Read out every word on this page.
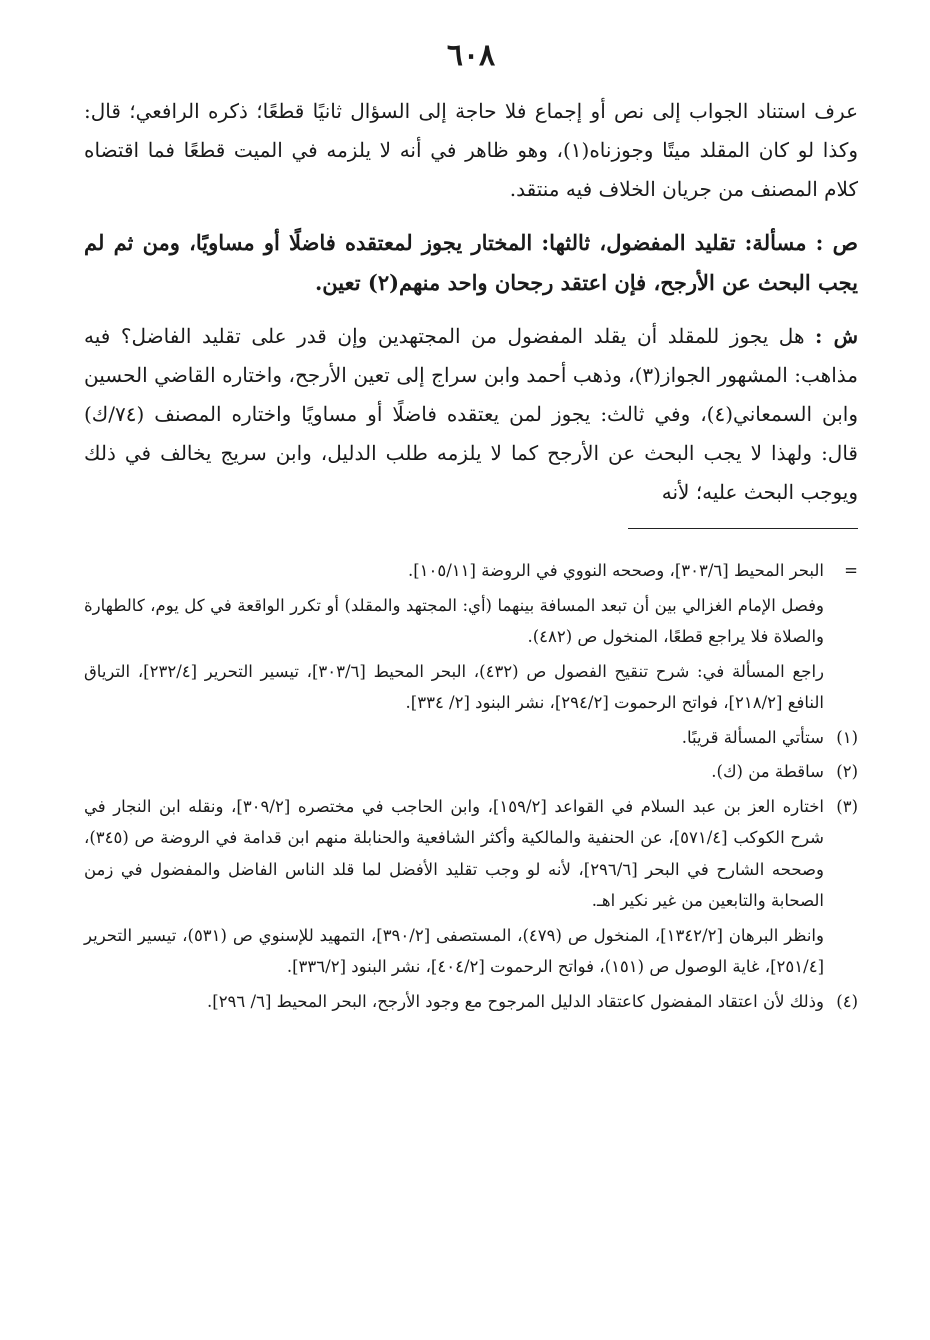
٦٠٨

عرف استناد الجواب إلى نص أو إجماع فلا حاجة إلى السؤال ثانيًا قطعًا؛ ذكره الرافعي؛ قال: وكذا لو كان المقلد ميتًا وجوزناه(١)، وهو ظاهر في أنه لا يلزمه في الميت قطعًا فما اقتضاه كلام المصنف من جريان الخلاف فيه منتقد.

ص : مسألة: تقليد المفضول، ثالثها: المختار يجوز لمعتقده فاضلًا أو مساويًا، ومن ثم لم يجب البحث عن الأرجح، فإن اعتقد رجحان واحد منهم(٢) تعين.

ش : هل يجوز للمقلد أن يقلد المفضول من المجتهدين وإن قدر على تقليد الفاضل؟ فيه مذاهب: المشهور الجواز(٣)، وذهب أحمد وابن سراج إلى تعين الأرجح، واختاره القاضي الحسين وابن السمعاني(٤)، وفي ثالث: يجوز لمن يعتقده فاضلًا أو مساويًا واختاره المصنف (٧٤/ك) قال: ولهذا لا يجب البحث عن الأرجح كما لا يلزمه طلب الدليل، وابن سريج يخالف في ذلك ويوجب البحث عليه؛ لأنه

=
البحر المحيط [٣٠٣/٦]، وصححه النووي في الروضة [١٠٥/١١].
وفصل الإمام الغزالي بين أن تبعد المسافة بينهما (أي: المجتهد والمقلد) أو تكرر الواقعة في كل يوم، كالطهارة والصلاة فلا يراجع قطعًا، المنخول ص (٤٨٢).
راجع المسألة في: شرح تنقيح الفصول ص (٤٣٢)، البحر المحيط [٣٠٣/٦]، تيسير التحرير [٢٣٢/٤]، الترياق النافع [٢١٨/٢]، فواتح الرحموت [٢٩٤/٢]، نشر البنود [٢/ ٣٣٤].
(١)
ستأتي المسألة قريبًا.
(٢)
ساقطة من (ك).
(٣)
اختاره العز بن عبد السلام في القواعد [١٥٩/٢]، وابن الحاجب في مختصره [٣٠٩/٢]، ونقله ابن النجار في شرح الكوكب [٥٧١/٤]، عن الحنفية والمالكية وأكثر الشافعية والحنابلة منهم ابن قدامة في الروضة ص (٣٤٥)، وصححه الشارح في البحر [٢٩٦/٦]، لأنه لو وجب تقليد الأفضل لما قلد الناس الفاضل والمفضول في زمن الصحابة والتابعين من غير نكير اهـ.
وانظر البرهان [١٣٤٢/٢]، المنخول ص (٤٧٩)، المستصفى [٣٩٠/٢]، التمهيد للإسنوي ص (٥٣١)، تيسير التحرير [٢٥١/٤]، غاية الوصول ص (١٥١)، فواتح الرحموت [٤٠٤/٢]، نشر البنود [٣٣٦/٢].
(٤)
وذلك لأن اعتقاد المفضول كاعتقاد الدليل المرجوح مع وجود الأرجح، البحر المحيط [٦/ ٢٩٦].
